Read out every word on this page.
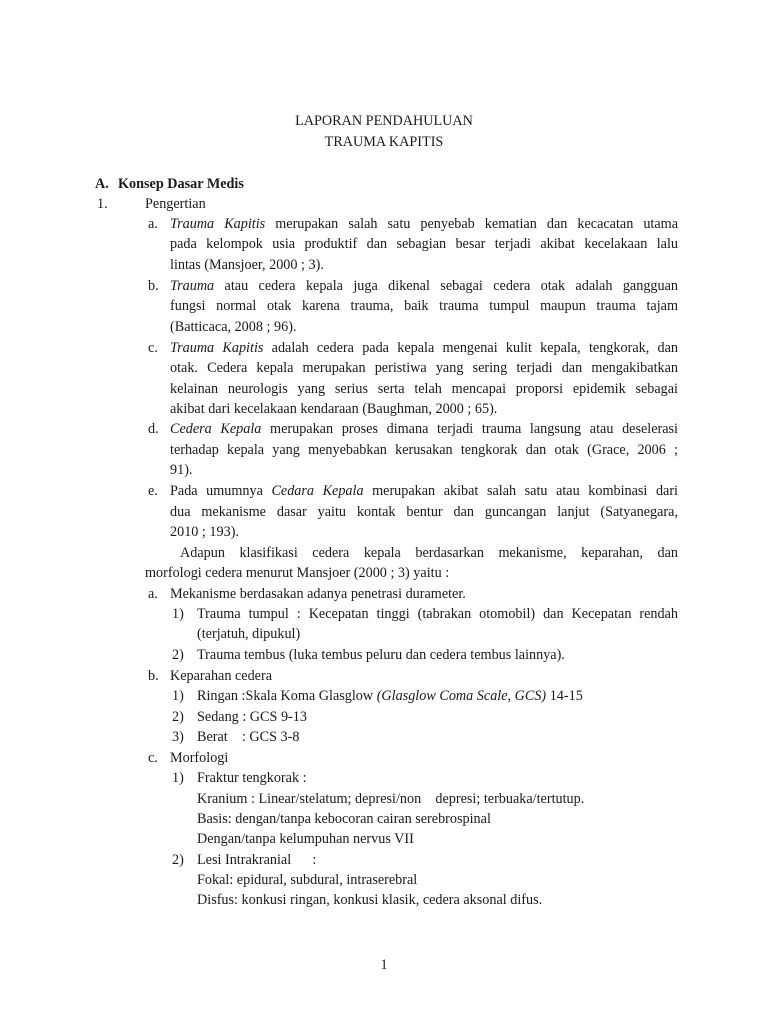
LAPORAN PENDAHULUAN
TRAUMA KAPITIS
A. Konsep Dasar Medis
1.	Pengertian
a. Trauma Kapitis merupakan salah satu penyebab kematian dan kecacatan utama
pada kelompok usia produktif dan sebagian besar terjadi akibat kecelakaan lalu
lintas (Mansjoer, 2000 ; 3).
b. Trauma atau cedera kepala juga dikenal sebagai cedera otak adalah gangguan
fungsi normal otak karena trauma, baik trauma tumpul maupun trauma tajam
(Batticaca, 2008 ; 96).
c. Trauma Kapitis adalah cedera pada kepala mengenai kulit kepala, tengkorak, dan
otak. Cedera kepala merupakan peristiwa yang sering terjadi dan mengakibatkan
kelainan neurologis yang serius serta telah mencapai proporsi epidemik sebagai
akibat dari kecelakaan kendaraan (Baughman, 2000 ; 65).
d. Cedera Kepala merupakan proses dimana terjadi trauma langsung atau deselerasi
terhadap kepala yang menyebabkan kerusakan tengkorak dan otak (Grace, 2006 ;
91).
e. Pada umumnya Cedara Kepala merupakan akibat salah satu atau kombinasi dari
dua mekanisme dasar yaitu kontak bentur dan guncangan lanjut (Satyanegara,
2010 ; 193).
Adapun klasifikasi cedera kepala berdasarkan mekanisme, keparahan, dan
morfologi cedera menurut Mansjoer (2000 ; 3) yaitu :
a. Mekanisme berdasakan adanya penetrasi durameter.
1) Trauma tumpul : Kecepatan tinggi (tabrakan otomobil) dan Kecepatan rendah
(terjatuh, dipukul)
2) Trauma tembus (luka tembus peluru dan cedera tembus lainnya).
b. Keparahan cedera
1) Ringan :Skala Koma Glasglow (Glasglow Coma Scale, GCS) 14-15
2) Sedang : GCS 9-13
3) Berat    : GCS 3-8
c. Morfologi
1) Fraktur tengkorak :
Kranium : Linear/stelatum; depresi/non    depresi; terbuaka/tertutup.
Basis: dengan/tanpa kebocoran cairan serebrospinal
Dengan/tanpa kelumpuhan nervus VII
2) Lesi Intrakranial      :
Fokal: epidural, subdural, intraserebral
Disfus: konkusi ringan, konkusi klasik, cedera aksonal difus.
1
